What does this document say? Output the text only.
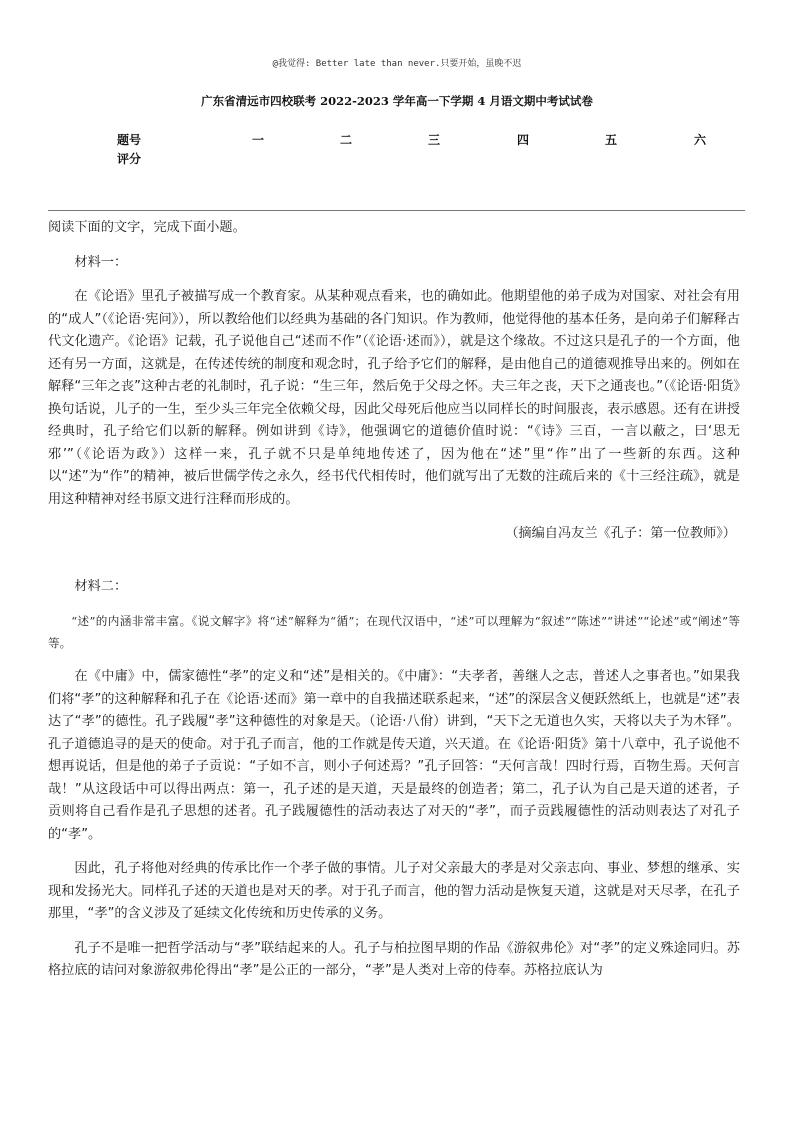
@我觉得: Better late than never.只要开始，虽晚不迟
广东省清远市四校联考 2022-2023 学年高一下学期 4 月语文期中考试试卷
题号	一	二	三	四	五	六
评分

阅读下面的文字，完成下面小题。

材料一：

在《论语》里孔子被描写成一个教育家。从某种观点看来，也的确如此。他期望他的弟子成为对国家、对社会有用的“成人”（《论语·宪问》），所以教给他们以经典为基础的各门知识。作为教师，他觉得他的基本任务，是向弟子们解释古代文化遗产。《论语》记载，孔子说他自己“述而不作”（《论语·述而》），就是这个缘故。不过这只是孔子的一个方面，他还有另一方面，这就是，在传述传统的制度和观念时，孔子给予它们的解释，是由他自己的道德观推导出来的。例如在解释“三年之丧”这种古老的礼制时，孔子说：“生三年，然后免于父母之怀。夫三年之丧，天下之通丧也。”（《论语·阳货》换句话说，儿子的一生，至少头三年完全依赖父母，因此父母死后他应当以同样长的时间服丧，表示感恩。还有在讲授经典时，孔子给它们以新的解释。例如讲到《诗》，他强调它的道德价值时说：“《诗》三百，一言以蔽之，曰‘思无邪’”（《论语为政》）这样一来，孔子就不只是单纯地传述了，因为他在“述”里“作”出了一些新的东西。这种以“述”为“作”的精神，被后世儒学传之永久，经书代代相传时，他们就写出了无数的注疏后来的《十三经注疏》，就是用这种精神对经书原文进行注释而形成的。

（摘编自冯友兰《孔子：第一位教师》）

材料二：

“述”的内涵非常丰富。《说文解字》将“述”解释为“循”；在现代汉语中，“述”可以理解为“叙述”“陈述”“讲述”“论述”或“阐述”等等。

在《中庸》中，儒家德性“孝”的定义和“述”是相关的。《中庸》：“夫孝者，善继人之志，普述人之事者也。”如果我们将“孝”的这种解释和孔子在《论语·述而》第一章中的自我描述联系起来，“述”的深层含义便跃然纸上，也就是“述”表达了“孝”的德性。孔子践履“孝”这种德性的对象是天。（论语·八佾）讲到，“天下之无道也久实，天将以夫子为木铎”。孔子道德追寻的是天的使命。对于孔子而言，他的工作就是传天道，兴天道。在《论语·阳货》第十八章中，孔子说他不想再说话，但是他的弟子子贡说：“子如不言，则小子何述焉？”孔子回答：“天何言哉！四时行焉，百物生焉。天何言哉！”从这段话中可以得出两点：第一，孔子述的是天道，天是最终的创造者；第二，孔子认为自己是天道的述者，子贡则将自己看作是孔子思想的述者。孔子践履德性的活动表达了对天的“孝”，而子贡践履德性的活动则表达了对孔子的“孝”。

因此，孔子将他对经典的传承比作一个孝子做的事情。儿子对父亲最大的孝是对父亲志向、事业、梦想的继承、实现和发扬光大。同样孔子述的天道也是对天的孝。对于孔子而言，他的智力活动是恢复天道，这就是对天尽孝，在孔子那里，“孝”的含义涉及了延续文化传统和历史传承的义务。

孔子不是唯一把哲学活动与“孝”联结起来的人。孔子与柏拉图早期的作品《游叙弗伦》对“孝”的定义殊途同归。苏格拉底的诘问对象游叙弗伦得出“孝”是公正的一部分，“孝”是人类对上帝的侍奉。苏格拉底认为
